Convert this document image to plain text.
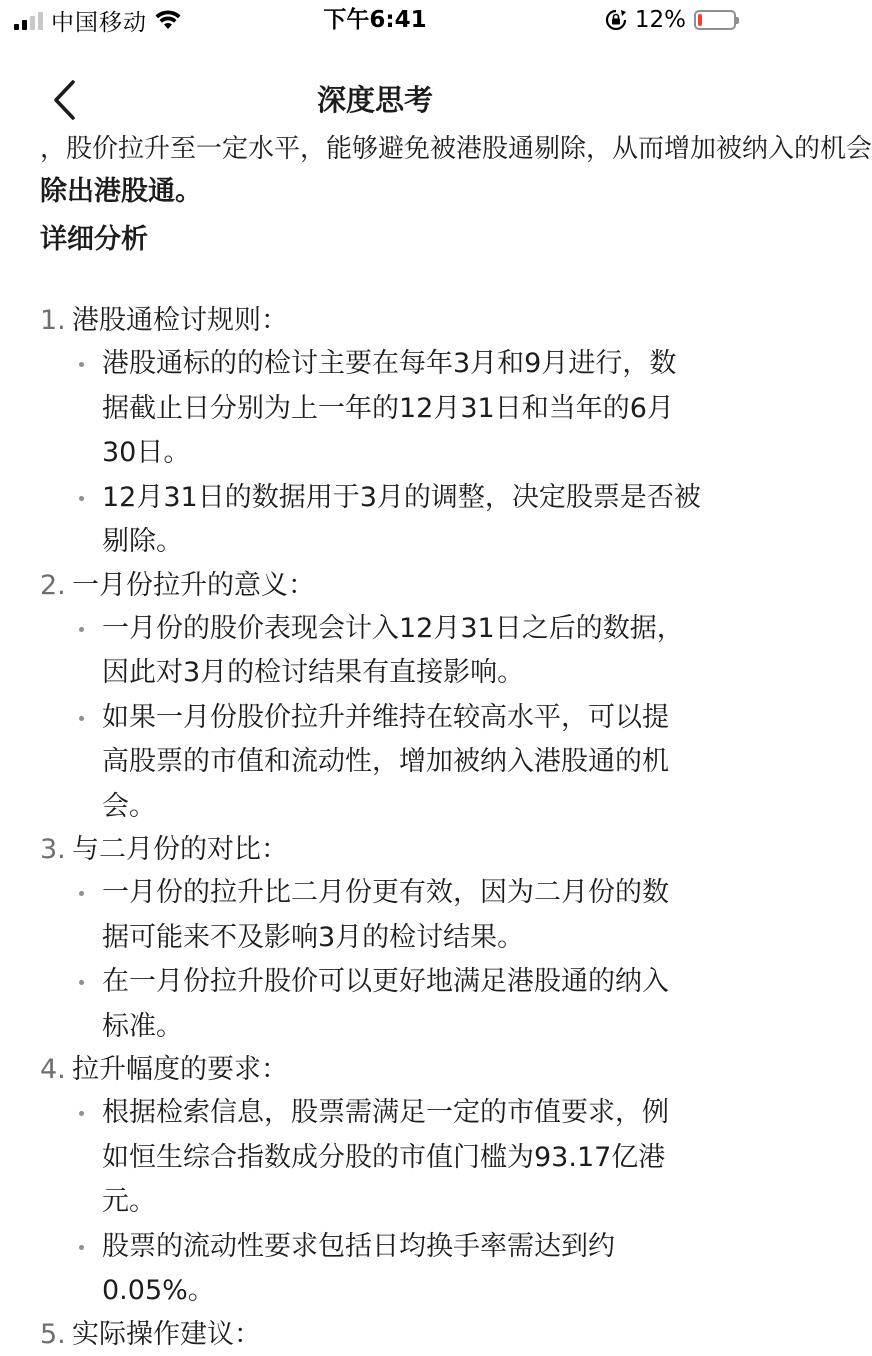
中国移动	下午6:41	12%
深度思考
，股价拉升至一定水平，能够避免被港股通剔除，从而增加被纳入的机会
除出港股通。
详细分析
1. 港股通检讨规则：
港股通标的的检讨主要在每年3月和9月进行，数
据截止日分别为上一年的12月31日和当年的6月
30日。
12月31日的数据用于3月的调整，决定股票是否被
剔除。
2. 一月份拉升的意义：
一月份的股价表现会计入12月31日之后的数据，
因此对3月的检讨结果有直接影响。
如果一月份股价拉升并维持在较高水平，可以提
高股票的市值和流动性，增加被纳入港股通的机
会。
3. 与二月份的对比：
一月份的拉升比二月份更有效，因为二月份的数
据可能来不及影响3月的检讨结果。
在一月份拉升股价可以更好地满足港股通的纳入
标准。
4. 拉升幅度的要求：
根据检索信息，股票需满足一定的市值要求，例
如恒生综合指数成分股的市值门槛为93.17亿港
元。
股票的流动性要求包括日均换手率需达到约
0.05%。
5. 实际操作建议：
